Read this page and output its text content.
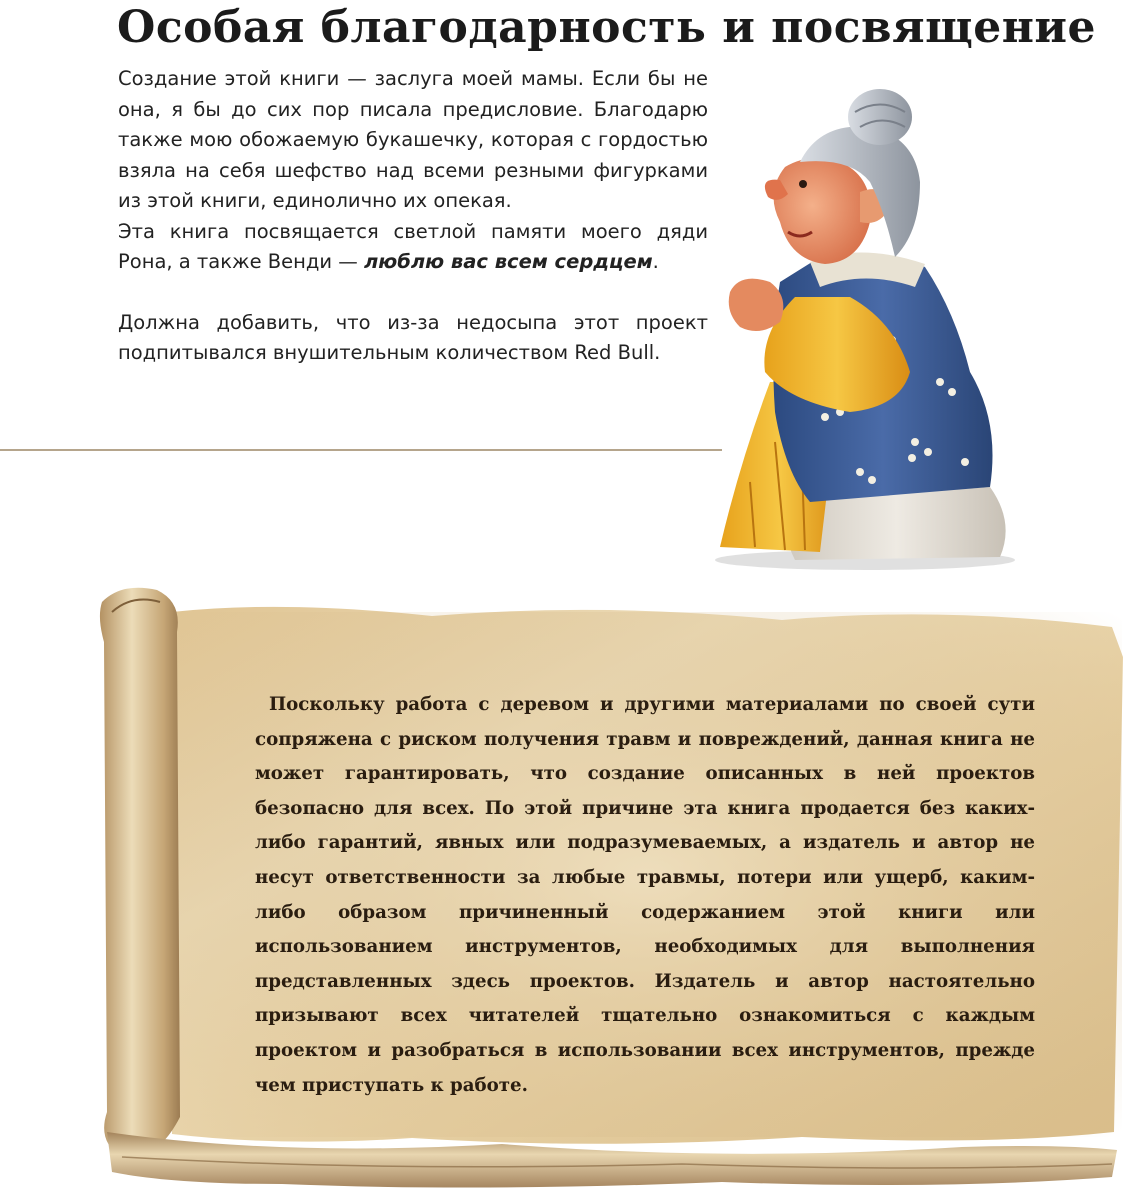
Особая благодарность и посвящение

Создание этой книги — заслуга моей мамы. Если бы не она, я бы до сих пор писала предисловие. Благодарю также мою обожаемую букашечку, которая с гордостью взяла на себя шефство над всеми резными фигурками из этой книги, единолично их опекая.

Эта книга посвящается светлой памяти моего дяди Рона, а также Венди — люблю вас всем сердцем.

Должна добавить, что из-за недосыпа этот проект подпитывался внушительным количеством Red Bull.

Поскольку работа с деревом и другими материалами по своей сути сопряжена с риском получения травм и повреждений, данная книга не может гарантировать, что создание описанных в ней проектов безопасно для всех. По этой причине эта книга продается без каких-либо гарантий, явных или подразумеваемых, а издатель и автор не несут ответственности за любые травмы, потери или ущерб, каким-либо образом причиненный содержанием этой книги или использованием инструментов, необходимых для выполнения представленных здесь проектов. Издатель и автор настоятельно призывают всех читателей тщательно ознакомиться с каждым проектом и разобраться в использовании всех инструментов, прежде чем приступать к работе.
